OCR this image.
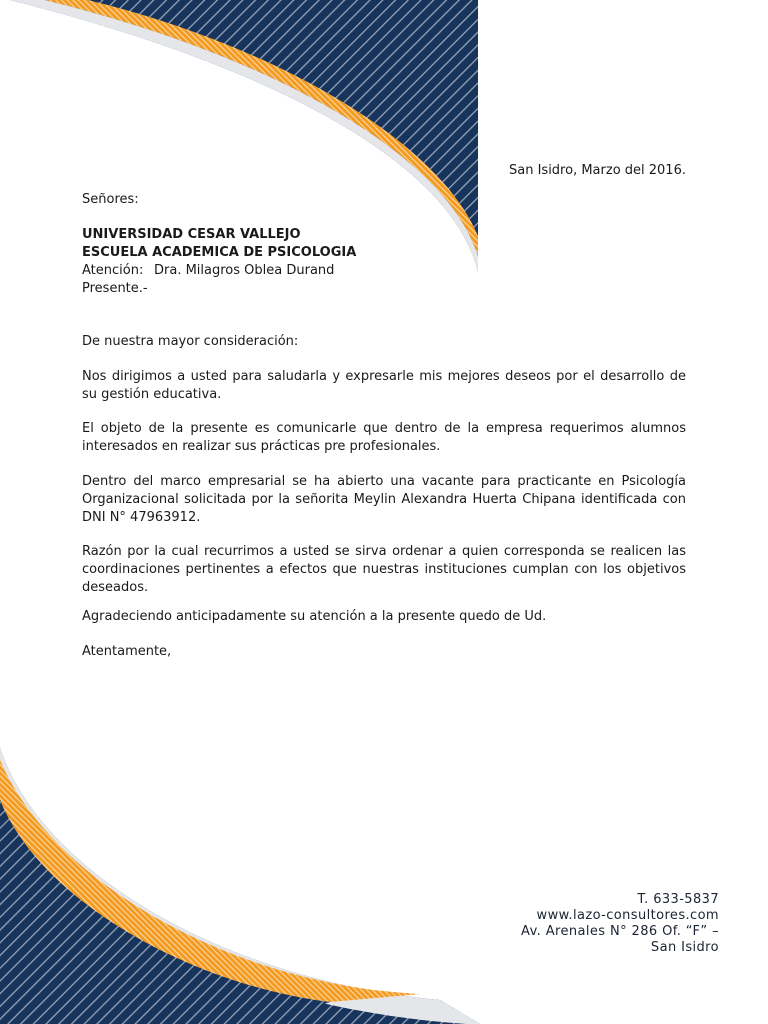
San Isidro, Marzo del 2016.
Señores:
UNIVERSIDAD CESAR VALLEJO
ESCUELA ACADEMICA DE PSICOLOGIA
Atención: Dra. Milagros Oblea Durand
Presente.-
De nuestra mayor consideración:
Nos dirigimos a usted para saludarla y expresarle mis mejores deseos por el desarrollo de su gestión educativa.
El objeto de la presente es comunicarle que dentro de la empresa requerimos alumnos interesados en realizar sus prácticas pre profesionales.
Dentro del marco empresarial se ha abierto una vacante para practicante en Psicología Organizacional solicitada por la señorita Meylin Alexandra Huerta Chipana identificada con DNI N° 47963912.
Razón por la cual recurrimos a usted se sirva ordenar a quien corresponda se realicen las coordinaciones pertinentes a efectos que nuestras instituciones cumplan con los objetivos deseados.
Agradeciendo anticipadamente su atención a la presente quedo de Ud.
Atentamente,
T. 633-5837
www.lazo-consultores.com
Av. Arenales N° 286 Of. “F” –
San Isidro
